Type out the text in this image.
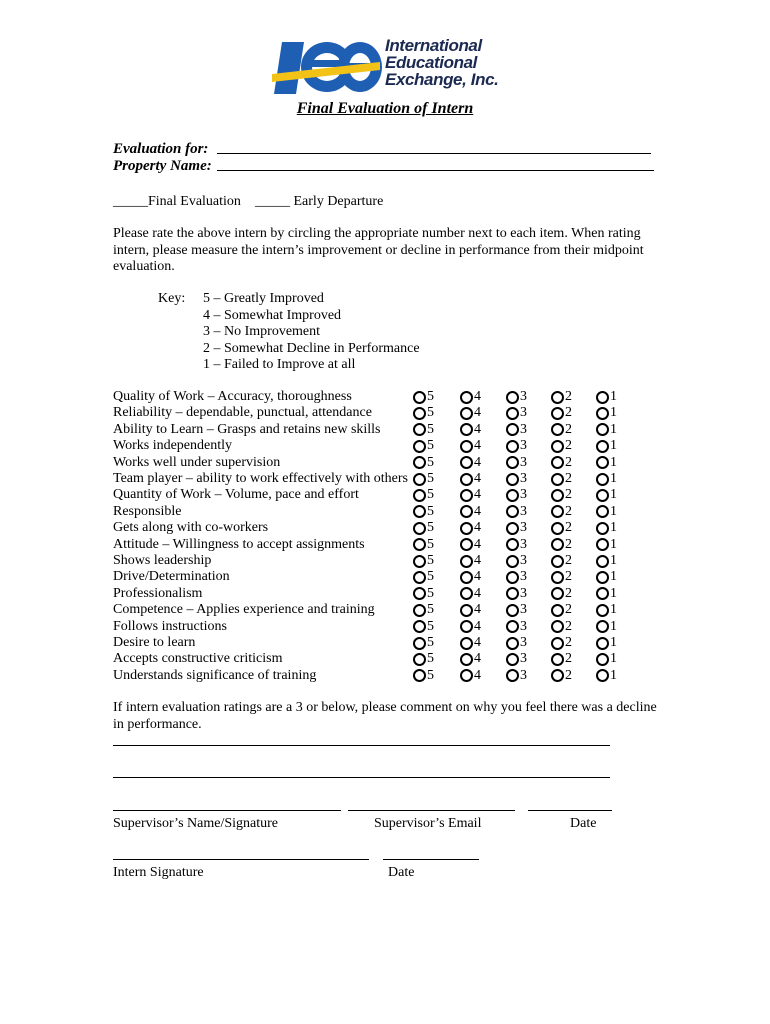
International
Educational
Exchange, Inc.
Final Evaluation of Intern
Evaluation for:
Property Name:
_____Final Evaluation _____ Early Departure
Please rate the above intern by circling the appropriate number next to each item. When rating intern, please measure the intern’s improvement or decline in performance from their midpoint evaluation.
Key: 5 – Greatly Improved
4 – Somewhat Improved
3 – No Improvement
2 – Somewhat Decline in Performance
1 – Failed to Improve at all
Quality of Work – Accuracy, thoroughness	5	4	3	2	1
Reliability – dependable, punctual, attendance	5	4	3	2	1
Ability to Learn – Grasps and retains new skills	5	4	3	2	1
Works independently	5	4	3	2	1
Works well under supervision	5	4	3	2	1
Team player – ability to work effectively with others 5	4	3	2	1
Quantity of Work – Volume, pace and effort	5	4	3	2	1
Responsible	5	4	3	2	1
Gets along with co-workers	5	4	3	2	1
Attitude – Willingness to accept assignments	5	4	3	2	1
Shows leadership	5	4	3	2	1
Drive/Determination	5	4	3	2	1
Professionalism	5	4	3	2	1
Competence – Applies experience and training	5	4	3	2	1
Follows instructions	5	4	3	2	1
Desire to learn	5	4	3	2	1
Accepts constructive criticism	5	4	3	2	1
Understands significance of training	5	4	3	2	1
If intern evaluation ratings are a 3 or below, please comment on why you feel there was a decline in performance.
Supervisor’s Name/Signature	Supervisor’s Email	Date
Intern Signature	Date
